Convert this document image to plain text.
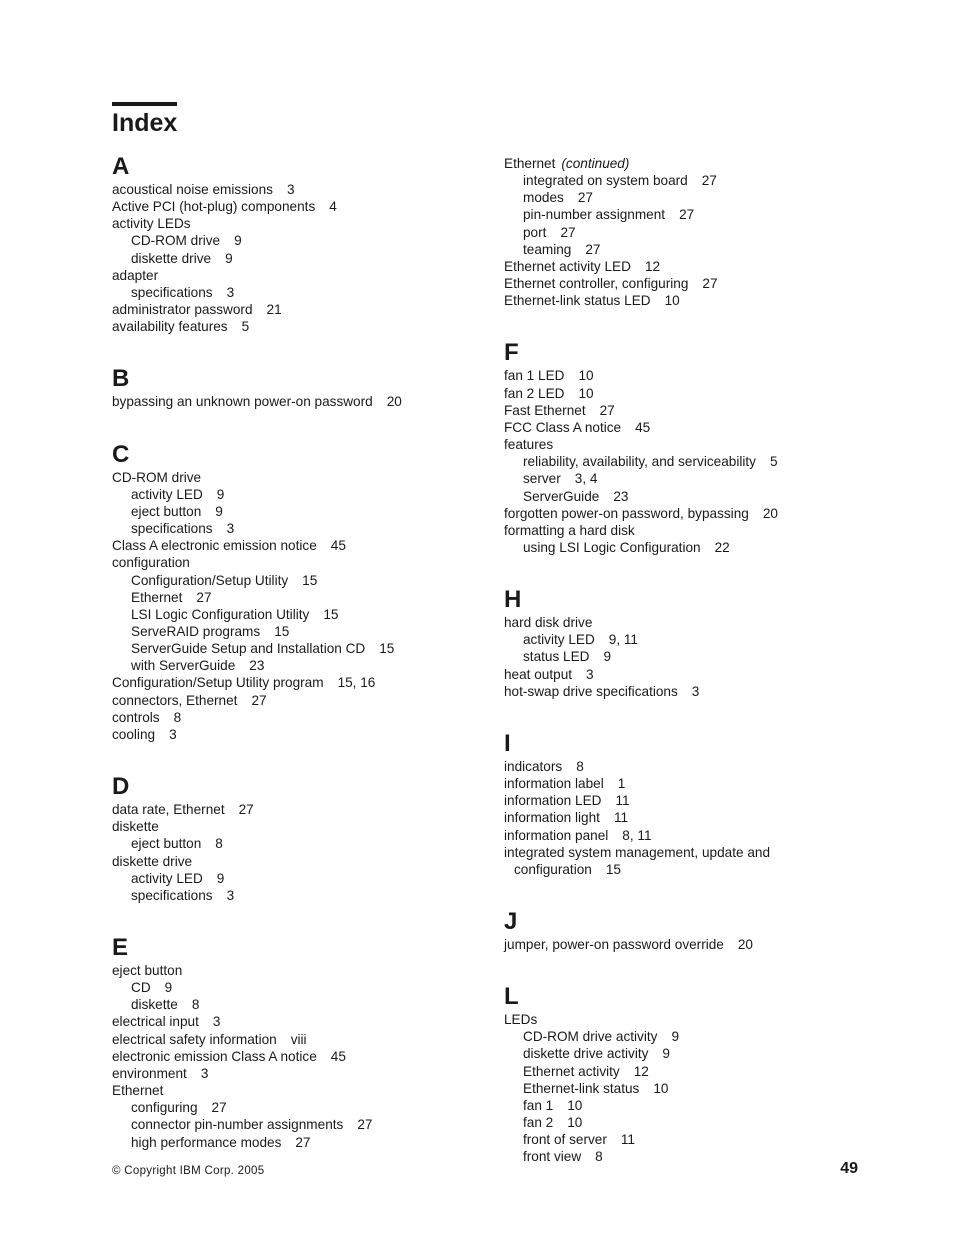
Index
A
acoustical noise emissions 3
Active PCI (hot-plug) components 4
activity LEDs
CD-ROM drive 9
diskette drive 9
adapter
specifications 3
administrator password 21
availability features 5
B
bypassing an unknown power-on password 20
C
CD-ROM drive
activity LED 9
eject button 9
specifications 3
Class A electronic emission notice 45
configuration
Configuration/Setup Utility 15
Ethernet 27
LSI Logic Configuration Utility 15
ServeRAID programs 15
ServerGuide Setup and Installation CD 15
with ServerGuide 23
Configuration/Setup Utility program 15, 16
connectors, Ethernet 27
controls 8
cooling 3
D
data rate, Ethernet 27
diskette
eject button 8
diskette drive
activity LED 9
specifications 3
E
eject button
CD 9
diskette 8
electrical input 3
electrical safety information viii
electronic emission Class A notice 45
environment 3
Ethernet
configuring 27
connector pin-number assignments 27
high performance modes 27
Ethernet (continued)
integrated on system board 27
modes 27
pin-number assignment 27
port 27
teaming 27
Ethernet activity LED 12
Ethernet controller, configuring 27
Ethernet-link status LED 10
F
fan 1 LED 10
fan 2 LED 10
Fast Ethernet 27
FCC Class A notice 45
features
reliability, availability, and serviceability 5
server 3, 4
ServerGuide 23
forgotten power-on password, bypassing 20
formatting a hard disk
using LSI Logic Configuration 22
H
hard disk drive
activity LED 9, 11
status LED 9
heat output 3
hot-swap drive specifications 3
I
indicators 8
information label 1
information LED 11
information light 11
information panel 8, 11
integrated system management, update and
configuration 15
J
jumper, power-on password override 20
L
LEDs
CD-ROM drive activity 9
diskette drive activity 9
Ethernet activity 12
Ethernet-link status 10
fan 1 10
fan 2 10
front of server 11
front view 8
© Copyright IBM Corp. 2005	49
